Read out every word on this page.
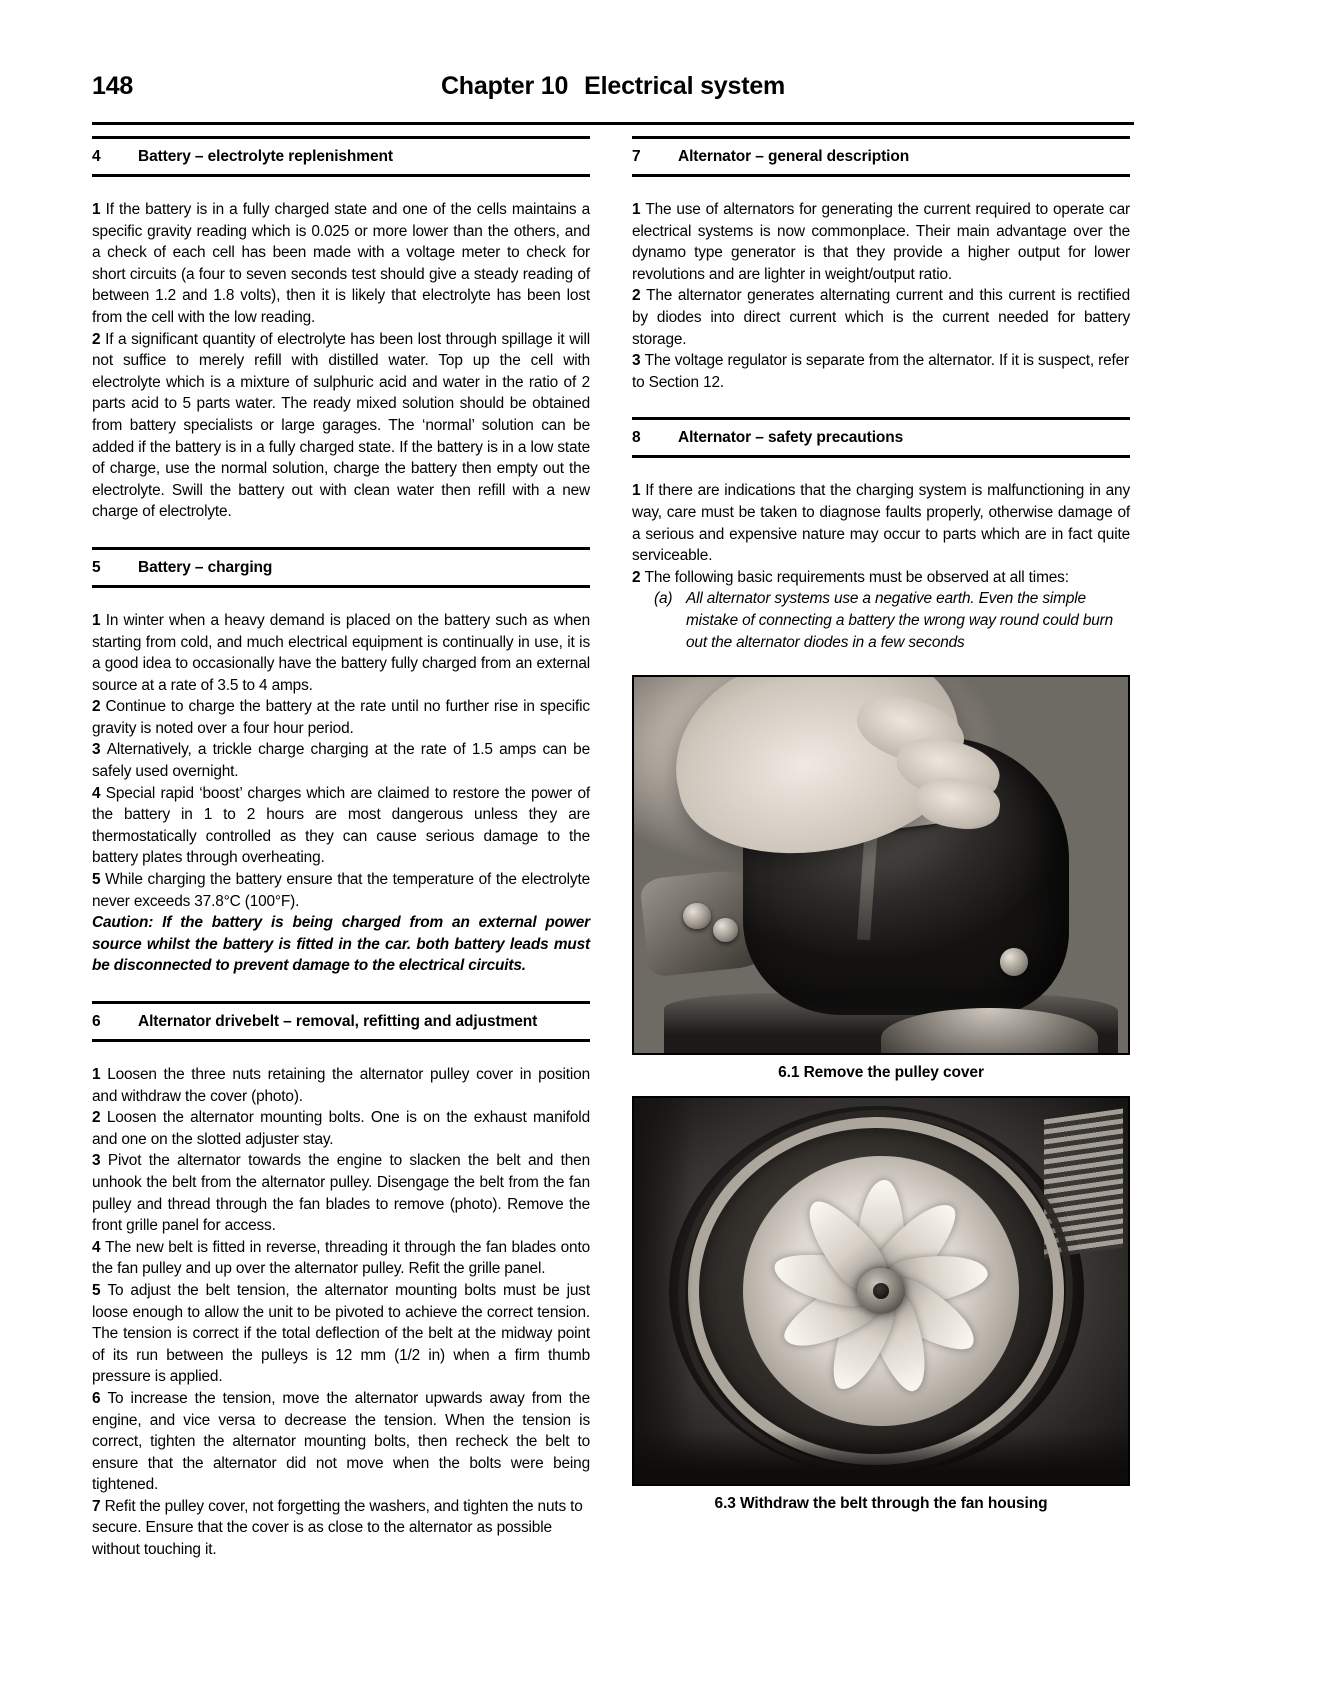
148	Chapter 10 Electrical system
4	Battery – electrolyte replenishment

1 If the battery is in a fully charged state and one of the cells maintains a specific gravity reading which is 0.025 or more lower than the others, and a check of each cell has been made with a voltage meter to check for short circuits (a four to seven seconds test should give a steady reading of between 1.2 and 1.8 volts), then it is likely that electrolyte has been lost from the cell with the low reading.

2 If a significant quantity of electrolyte has been lost through spillage it will not suffice to merely refill with distilled water. Top up the cell with electrolyte which is a mixture of sulphuric acid and water in the ratio of 2 parts acid to 5 parts water. The ready mixed solution should be obtained from battery specialists or large garages. The ‘normal’ solution can be added if the battery is in a fully charged state. If the battery is in a low state of charge, use the normal solution, charge the battery then empty out the electrolyte. Swill the battery out with clean water then refill with a new charge of electrolyte.

5	Battery – charging

1 In winter when a heavy demand is placed on the battery such as when starting from cold, and much electrical equipment is continually in use, it is a good idea to occasionally have the battery fully charged from an external source at a rate of 3.5 to 4 amps.

2 Continue to charge the battery at the rate until no further rise in specific gravity is noted over a four hour period.

3 Alternatively, a trickle charge charging at the rate of 1.5 amps can be safely used overnight.

4 Special rapid ‘boost’ charges which are claimed to restore the power of the battery in 1 to 2 hours are most dangerous unless they are thermostatically controlled as they can cause serious damage to the battery plates through overheating.

5 While charging the battery ensure that the temperature of the electrolyte never exceeds 37.8°C (100°F).

Caution: If the battery is being charged from an external power source whilst the battery is fitted in the car. both battery leads must be disconnected to prevent damage to the electrical circuits.

6	Alternator drivebelt – removal, refitting and adjustment

1 Loosen the three nuts retaining the alternator pulley cover in position and withdraw the cover (photo).

2 Loosen the alternator mounting bolts. One is on the exhaust manifold and one on the slotted adjuster stay.

3 Pivot the alternator towards the engine to slacken the belt and then unhook the belt from the alternator pulley. Disengage the belt from the fan pulley and thread through the fan blades to remove (photo). Remove the front grille panel for access.

4 The new belt is fitted in reverse, threading it through the fan blades onto the fan pulley and up over the alternator pulley. Refit the grille panel.

5 To adjust the belt tension, the alternator mounting bolts must be just loose enough to allow the unit to be pivoted to achieve the correct tension. The tension is correct if the total deflection of the belt at the midway point of its run between the pulleys is 12 mm (1/2 in) when a firm thumb pressure is applied.

6 To increase the tension, move the alternator upwards away from the engine, and vice versa to decrease the tension. When the tension is correct, tighten the alternator mounting bolts, then recheck the belt to ensure that the alternator did not move when the bolts were being tightened.

7 Refit the pulley cover, not forgetting the washers, and tighten the nuts to secure. Ensure that the cover is as close to the alternator as possible without touching it.

7	Alternator – general description

1 The use of alternators for generating the current required to operate car electrical systems is now commonplace. Their main advantage over the dynamo type generator is that they provide a higher output for lower revolutions and are lighter in weight/output ratio.

2 The alternator generates alternating current and this current is rectified by diodes into direct current which is the current needed for battery storage.

3 The voltage regulator is separate from the alternator. If it is suspect, refer to Section 12.

8	Alternator – safety precautions

1 If there are indications that the charging system is malfunctioning in any way, care must be taken to diagnose faults properly, otherwise damage of a serious and expensive nature may occur to parts which are in fact quite serviceable.

2 The following basic requirements must be observed at all times:

(a) All alternator systems use a negative earth. Even the simple mistake of connecting a battery the wrong way round could burn out the alternator diodes in a few seconds
6.1 Remove the pulley cover
6.3 Withdraw the belt through the fan housing
